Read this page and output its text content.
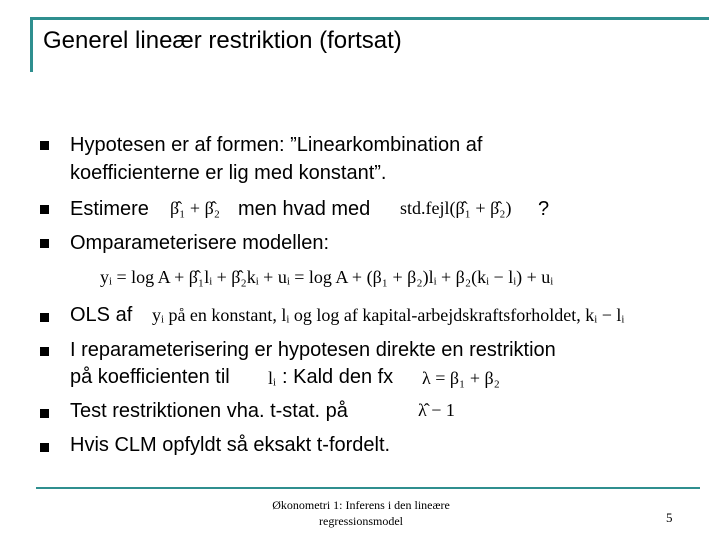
Generel lineær restriktion (fortsat)
Hypotesen er af formen: ”Linearkombination af
koefficienterne er lig med konstant”.
Estimere β̂₁ + β̂₂ men hvad med std.fejl(β̂₁ + β̂₂) ?
Omparameterisere modellen:
yᵢ = log A + β̂₁lᵢ + β̂₂kᵢ + uᵢ = log A + (β₁ + β₂)lᵢ + β₂(kᵢ − lᵢ) + uᵢ
OLS af yᵢ på en konstant, lᵢ og log af kapital-arbejdskraftsforholdet, kᵢ − lᵢ
I reparameterisering er hypotesen direkte en restriktion
på koefficienten til lᵢ : Kald den fx λ = β₁ + β₂
Test restriktionen vha. t-stat. på	λ̂ − 1
Hvis CLM opfyldt så eksakt t-fordelt.
Økonometri 1: Inferens i den lineære
regressionsmodel	5
